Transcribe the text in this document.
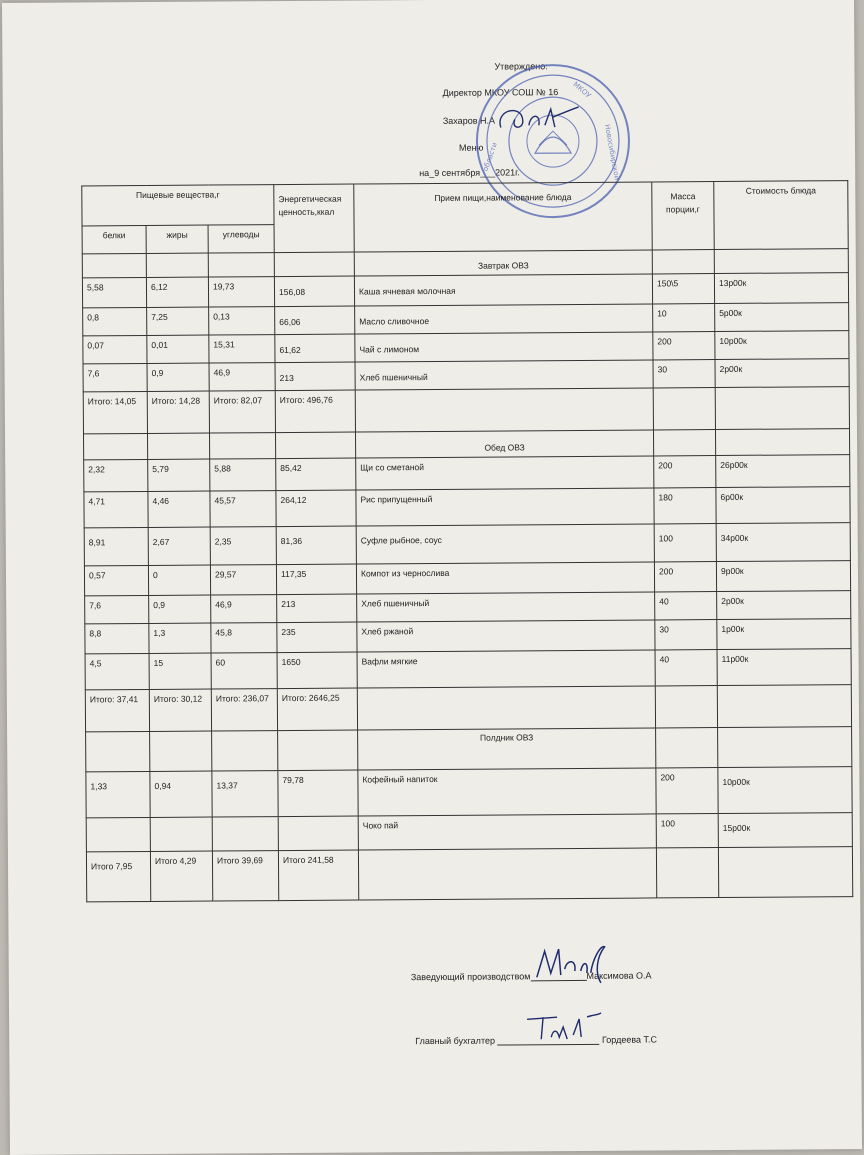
Утверждено:
Директор МКОУ СОШ № 16
Захаров Н.А
Меню
на_9 сентября___2021г.
МКОУ
Новосибирской
области
Пищевые вещества,г			Энергетическая ценность,ккал	Прием пищи,наименование блюда	Масса порции,г	Стоимость блюда
белки	жиры	углеводы				
				Завтрак ОВЗ		
5,58	6,12	19,73	156,08	Каша ячневая молочная	150\5	13р00к
0,8	7,25	0,13	66,06	Масло сливочное	10	5р00к
0,07	0,01	15,31	61,62	Чай с лимоном	200	10р00к
7,6	0,9	46,9	213	Хлеб пшеничный	30	2р00к
Итого: 14,05	Итого: 14,28	Итого: 82,07	Итого: 496,76			
				Обед ОВЗ		
2,32	5,79	5,88	85,42	Щи со сметаной	200	26р00к
4,71	4,46	45,57	264,12	Рис припущенный	180	6р00к
8,91	2,67	2,35	81,36	Суфле рыбное, соус	100	34р00к
0,57	0	29,57	117,35	Компот из чернослива	200	9р00к
7,6	0,9	46,9	213	Хлеб пшеничный	40	2р00к
8,8	1,3	45,8	235	Хлеб ржаной	30	1р00к
4,5	15	60	1650	Вафли мягкие	40	11р00к
Итого: 37,41	Итого: 30,12	Итого: 236,07	Итого: 2646,25			
				Полдник ОВЗ		
1,33	0,94	13,37	79,78	Кофейный напиток	200	10р00к
				Чоко пай	100	15р00к
Итого 7,95	Итого 4,29	Итого 39,69	Итого 241,58			
Заведующий производством	Максимова О.А
Главный бухгалтер	Гордеева Т.С
